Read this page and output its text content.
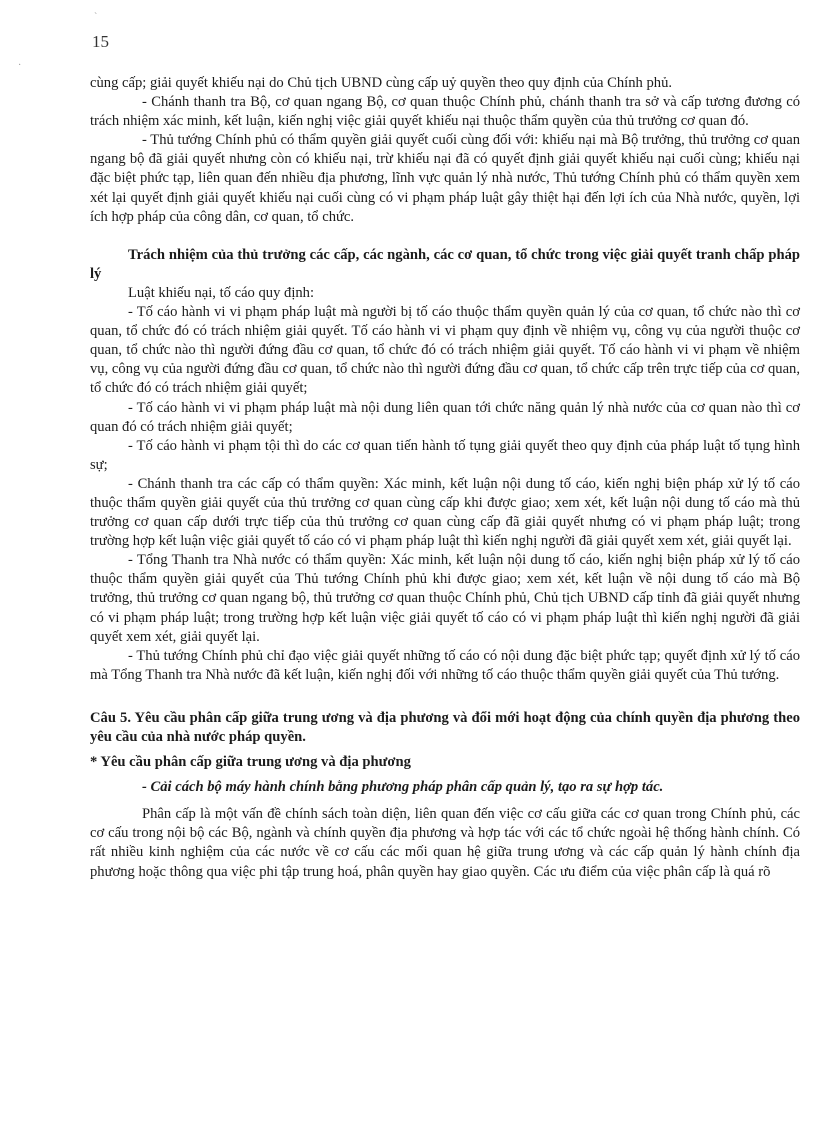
15
ˋ
·

cùng cấp; giải quyết khiếu nại do Chủ tịch UBND cùng cấp uỷ quyền theo quy định của Chính phủ.

- Chánh thanh tra Bộ, cơ quan ngang Bộ, cơ quan thuộc Chính phủ, chánh thanh tra sở và cấp tương đương có trách nhiệm xác minh, kết luận, kiến nghị việc giải quyết khiếu nại thuộc thẩm quyền của thủ trưởng cơ quan đó.

- Thủ tướng Chính phủ có thẩm quyền giải quyết cuối cùng đối với: khiếu nại mà Bộ trưởng, thủ trưởng cơ quan ngang bộ đã giải quyết nhưng còn có khiếu nại, trừ khiếu nại đã có quyết định giải quyết khiếu nại cuối cùng; khiếu nại đặc biệt phức tạp, liên quan đến nhiều địa phương, lĩnh vực quản lý nhà nước, Thủ tướng Chính phủ có thẩm quyền xem xét lại quyết định giải quyết khiếu nại cuối cùng có vi phạm pháp luật gây thiệt hại đến lợi ích của Nhà nước, quyền, lợi ích hợp pháp của công dân, cơ quan, tổ chức.

Trách nhiệm của thủ trưởng các cấp, các ngành, các cơ quan, tổ chức trong việc giải quyết tranh chấp pháp lý

Luật khiếu nại, tố cáo quy định:

- Tố cáo hành vi vi phạm pháp luật mà người bị tố cáo thuộc thẩm quyền quản lý của cơ quan, tổ chức nào thì cơ quan, tổ chức đó có trách nhiệm giải quyết. Tố cáo hành vi vi phạm quy định về nhiệm vụ, công vụ của người thuộc cơ quan, tổ chức nào thì người đứng đầu cơ quan, tổ chức đó có trách nhiệm giải quyết. Tố cáo hành vi vi phạm về nhiệm vụ, công vụ của người đứng đầu cơ quan, tổ chức nào thì người đứng đầu cơ quan, tổ chức cấp trên trực tiếp của cơ quan, tổ chức đó có trách nhiệm giải quyết;

- Tố cáo hành vi vi phạm pháp luật mà nội dung liên quan tới chức năng quản lý nhà nước của cơ quan nào thì cơ quan đó có trách nhiệm giải quyết;

- Tố cáo hành vi phạm tội thì do các cơ quan tiến hành tố tụng giải quyết theo quy định của pháp luật tố tụng hình sự;

- Chánh thanh tra các cấp có thẩm quyền: Xác minh, kết luận nội dung tố cáo, kiến nghị biện pháp xử lý tố cáo thuộc thẩm quyền giải quyết của thủ trưởng cơ quan cùng cấp khi được giao; xem xét, kết luận nội dung tố cáo mà thủ trưởng cơ quan cấp dưới trực tiếp của thủ trưởng cơ quan cùng cấp đã giải quyết nhưng có vi phạm pháp luật; trong trường hợp kết luận việc giải quyết tố cáo có vi phạm pháp luật thì kiến nghị người đã giải quyết xem xét, giải quyết lại.

- Tổng Thanh tra Nhà nước có thẩm quyền: Xác minh, kết luận nội dung tố cáo, kiến nghị biện pháp xử lý tố cáo thuộc thẩm quyền giải quyết của Thủ tướng Chính phủ khi được giao; xem xét, kết luận về nội dung tố cáo mà Bộ trưởng, thủ trưởng cơ quan ngang bộ, thủ trưởng cơ quan thuộc Chính phủ, Chủ tịch UBND cấp tỉnh đã giải quyết nhưng có vi phạm pháp luật; trong trường hợp kết luận việc giải quyết tố cáo có vi phạm pháp luật thì kiến nghị người đã giải quyết xem xét, giải quyết lại.

- Thủ tướng Chính phủ chỉ đạo việc giải quyết những tố cáo có nội dung đặc biệt phức tạp; quyết định xử lý tố cáo mà Tổng Thanh tra Nhà nước đã kết luận, kiến nghị đối với những tố cáo thuộc thẩm quyền giải quyết của Thủ tướng.

Câu 5. Yêu cầu phân cấp giữa trung ương và địa phương và đổi mới hoạt động của chính quyền địa phương theo yêu cầu của nhà nước pháp quyền.

* Yêu cầu phân cấp giữa trung ương và địa phương

- Cải cách bộ máy hành chính bằng phương pháp phân cấp quản lý, tạo ra sự hợp tác.

Phân cấp là một vấn đề chính sách toàn diện, liên quan đến việc cơ cấu giữa các cơ quan trong Chính phủ, các cơ cấu trong nội bộ các Bộ, ngành và chính quyền địa phương và hợp tác với các tổ chức ngoài hệ thống hành chính. Có rất nhiều kinh nghiệm của các nước về cơ cấu các mối quan hệ giữa trung ương và các cấp quản lý hành chính địa phương hoặc thông qua việc phi tập trung hoá, phân quyền hay giao quyền. Các ưu điểm của việc phân cấp là quá rõ
